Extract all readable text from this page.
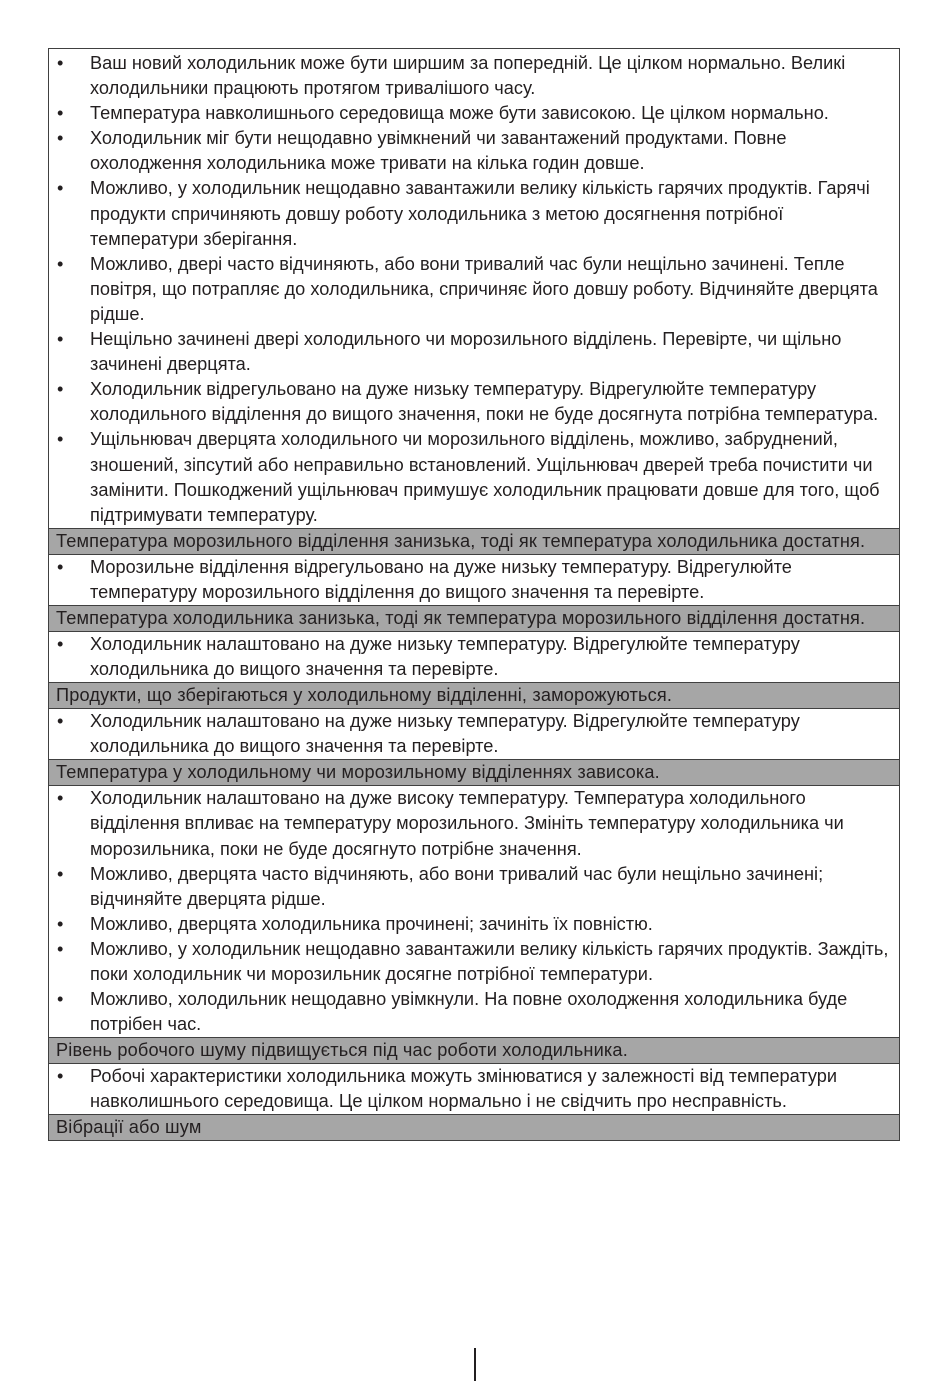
•	Ваш новий холодильник може бути ширшим за попередній. Це цілком нормально. Великі холодильники працюють протягом тривалішого часу.
•	Температура навколишнього середовища може бути зависокою. Це цілком нормально.
•	Холодильник міг бути нещодавно увімкнений чи завантажений продуктами. Повне охолодження холодильника може тривати на кілька годин довше.
•	Можливо, у холодильник нещодавно завантажили велику кількість гарячих продуктів. Гарячі продукти спричиняють довшу роботу холодильника з метою досягнення потрібної температури зберігання.
•	Можливо, двері часто відчиняють, або вони тривалий час були нещільно зачинені. Тепле повітря, що потрапляє до холодильника, спричиняє його довшу роботу. Відчиняйте дверцята рідше.
•	Нещільно зачинені двері холодильного чи морозильного відділень. Перевірте, чи щільно зачинені дверцята.
•	Холодильник відрегульовано на дуже низьку температуру. Відрегулюйте температуру холодильного відділення до вищого значення, поки не буде досягнута потрібна температура.
•	Ущільнювач дверцята холодильного чи морозильного відділень, можливо, забруднений, зношений, зіпсутий або неправильно встановлений. Ущільнювач дверей треба почистити чи замінити. Пошкоджений ущільнювач примушує холодильник працювати довше для того, щоб підтримувати температуру.
Температура морозильного відділення занизька, тоді як температура холодильника достатня.
•	Морозильне відділення відрегульовано на дуже низьку температуру. Відрегулюйте температуру морозильного відділення до вищого значення та перевірте.
Температура холодильника занизька, тоді як температура морозильного відділення достатня.
•	Холодильник налаштовано на дуже низьку температуру. Відрегулюйте температуру холодильника до вищого значення та перевірте.
Продукти, що зберігаються у холодильному відділенні, заморожуються.
•	Холодильник налаштовано на дуже низьку температуру. Відрегулюйте температуру холодильника до вищого значення та перевірте.
Температура у холодильному чи морозильному відділеннях зависока.
•	Холодильник налаштовано на дуже високу температуру. Температура холодильного відділення впливає на температуру морозильного. Змініть температуру холодильника чи морозильника, поки не буде досягнуто потрібне значення.
•	Можливо, дверцята часто відчиняють, або вони тривалий час були нещільно зачинені; відчиняйте дверцята рідше.
•	Можливо, дверцята холодильника прочинені; зачиніть їх повністю.
•	Можливо, у холодильник нещодавно завантажили велику кількість гарячих продуктів. Заждіть, поки холодильник чи морозильник досягне потрібної температури.
•	Можливо, холодильник нещодавно увімкнули. На повне охолодження холодильника буде потрібен час.
Рівень робочого шуму підвищується під час роботи холодильника.
•	Робочі характеристики холодильника можуть змінюватися у залежності від температури навколишнього середовища. Це цілком нормально і не свідчить про несправність.
Вібрації або шум
